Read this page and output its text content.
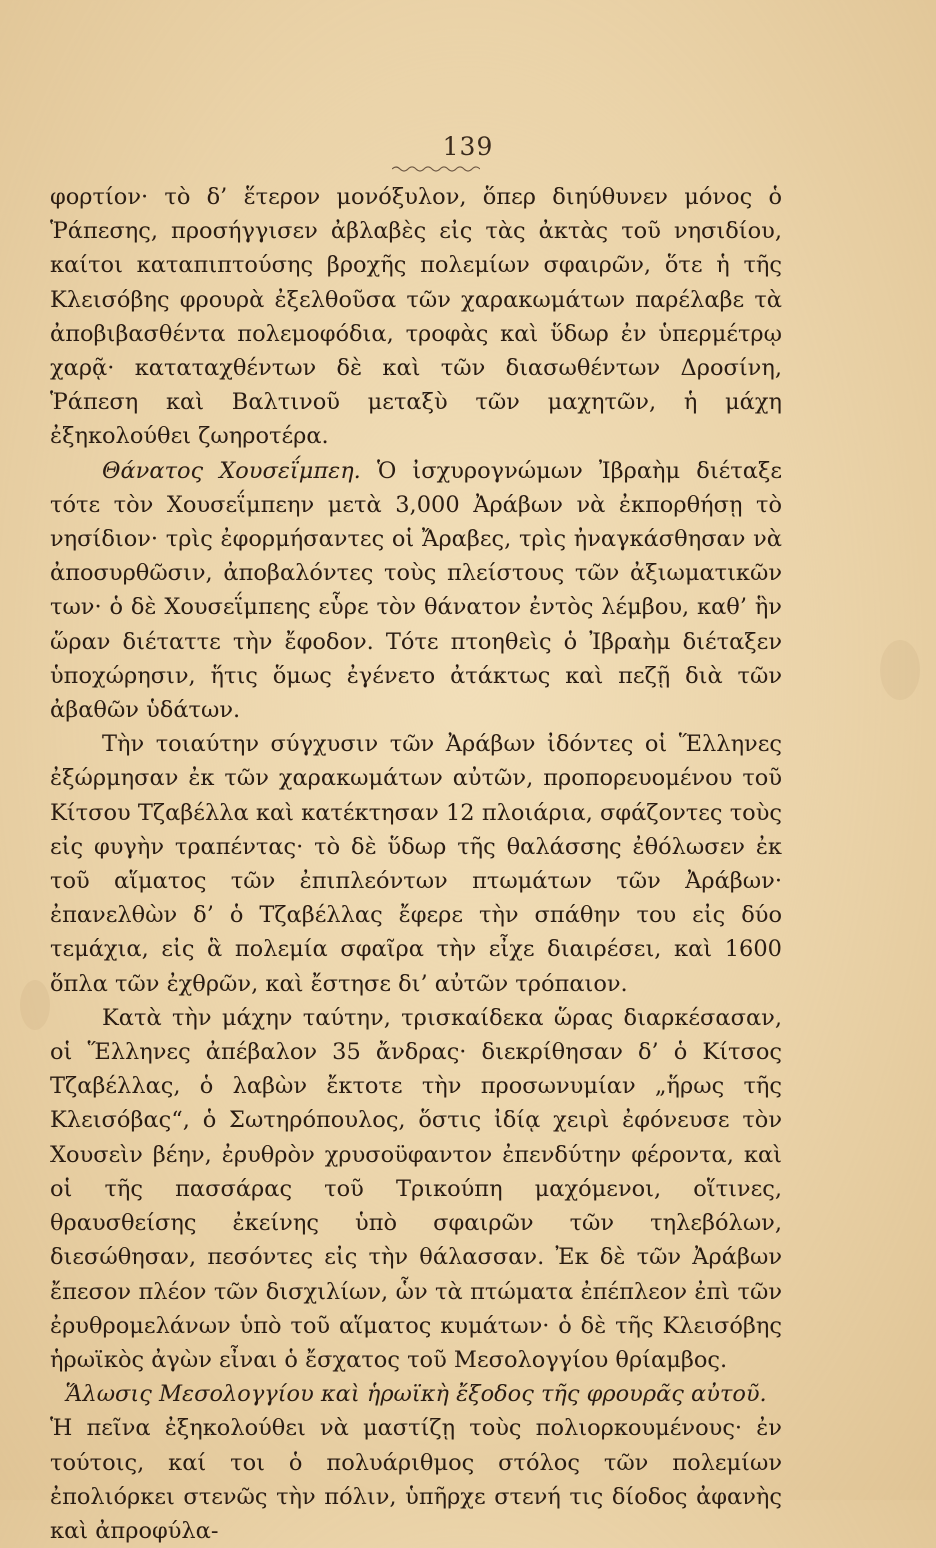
139

φορτίον· τὸ δ’ ἕτερον μονόξυλον, ὅπερ διηύθυνεν μόνος ὁ Ῥάπεσης, προσήγγισεν ἀβλαβὲς εἰς τὰς ἀκτὰς τοῦ νησιδίου, καίτοι καταπιπτούσης βροχῆς πολεμίων σφαιρῶν, ὅτε ἡ τῆς Κλεισόβης φρουρὰ ἐξελθοῦσα τῶν χαρακωμάτων παρέλαβε τὰ ἀποβιβασθέντα πολεμοφόδια, τροφὰς καὶ ὕδωρ ἐν ὑπερμέτρῳ χαρᾷ· καταταχθέντων δὲ καὶ τῶν διασωθέντων Δροσίνη, Ῥάπεση καὶ Βαλτινοῦ μεταξὺ τῶν μαχητῶν, ἡ μάχη ἐξηκολούθει ζωηροτέρα.

Θάνατος Χουσεΐμπεη. Ὁ ἰσχυρογνώμων Ἰβραὴμ διέταξε τότε τὸν Χουσεΐμπεην μετὰ 3,000 Ἀράβων νὰ ἐκπορθήσῃ τὸ νησίδιον· τρὶς ἐφορμήσαντες οἱ Ἄραβες, τρὶς ἠναγκάσθησαν νὰ ἀποσυρθῶσιν, ἀποβαλόντες τοὺς πλείστους τῶν ἀξιωματικῶν των· ὁ δὲ Χουσεΐμπεης εὗρε τὸν θάνατον ἐντὸς λέμβου, καθ’ ἣν ὥραν διέταττε τὴν ἔφοδον. Τότε πτοηθεὶς ὁ Ἰβραὴμ διέταξεν ὑποχώρησιν, ἥτις ὅμως ἐγένετο ἀτάκτως καὶ πεζῇ διὰ τῶν ἀβαθῶν ὑδάτων.

Τὴν τοιαύτην σύγχυσιν τῶν Ἀράβων ἰδόντες οἱ Ἕλληνες ἐξώρμησαν ἐκ τῶν χαρακωμάτων αὐτῶν, προπορευομένου τοῦ Κίτσου Τζαβέλλα καὶ κατέκτησαν 12 πλοιάρια, σφάζοντες τοὺς εἰς φυγὴν τραπέντας· τὸ δὲ ὕδωρ τῆς θαλάσσης ἐθόλωσεν ἐκ τοῦ αἵματος τῶν ἐπιπλεόντων πτωμάτων τῶν Ἀράβων· ἐπανελθὼν δ’ ὁ Τζαβέλλας ἔφερε τὴν σπάθην του εἰς δύο τεμάχια, εἰς ἃ πολεμία σφαῖρα τὴν εἶχε διαιρέσει, καὶ 1600 ὅπλα τῶν ἐχθρῶν, καὶ ἔστησε δι’ αὐτῶν τρόπαιον.

Κατὰ τὴν μάχην ταύτην, τρισκαίδεκα ὥρας διαρκέσασαν, οἱ Ἕλληνες ἀπέβαλον 35 ἄνδρας· διεκρίθησαν δ’ ὁ Κίτσος Τζαβέλλας, ὁ λαβὼν ἔκτοτε τὴν προσωνυμίαν „ἥρως τῆς Κλεισόβας“, ὁ Σωτηρόπουλος, ὅστις ἰδίᾳ χειρὶ ἐφόνευσε τὸν Χουσεὶν βέην, ἐρυθρὸν χρυσοϋφαντον ἐπενδύτην φέροντα, καὶ οἱ τῆς πασσάρας τοῦ Τρικούπη μαχόμενοι, οἵτινες, θραυσθείσης ἐκείνης ὑπὸ σφαιρῶν τῶν τηλεβόλων, διεσώθησαν, πεσόντες εἰς τὴν θάλασσαν. Ἐκ δὲ τῶν Ἀράβων ἔπεσον πλέον τῶν δισχιλίων, ὧν τὰ πτώματα ἐπέπλεον ἐπὶ τῶν ἐρυθρομελάνων ὑπὸ τοῦ αἵματος κυμάτων· ὁ δὲ τῆς Κλεισόβης ἡρωϊκὸς ἀγὼν εἶναι ὁ ἔσχατος τοῦ Μεσολογγίου θρίαμβος.

Ἅλωσις Μεσολογγίου καὶ ἡρωϊκὴ ἔξοδος τῆς φρουρᾶς αὐτοῦ.

Ἡ πεῖνα ἐξηκολούθει νὰ μαστίζῃ τοὺς πολιορκουμένους· ἐν τούτοις, καί τοι ὁ πολυάριθμος στόλος τῶν πολεμίων ἐπολιόρκει στενῶς τὴν πόλιν, ὑπῆρχε στενή τις δίοδος ἀφανὴς καὶ ἀπροφύλα-
